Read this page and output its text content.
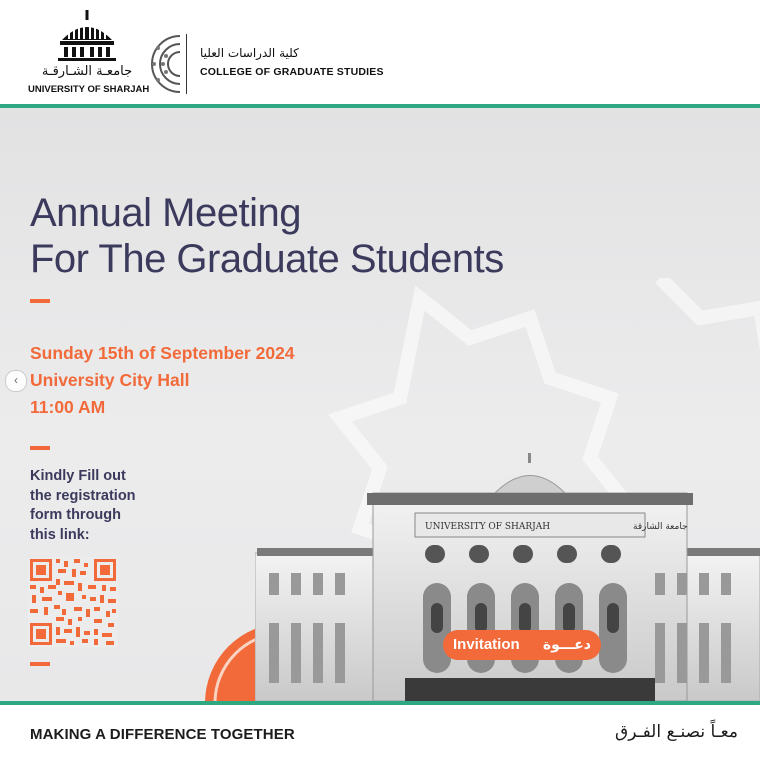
جامعـة الشـارقـة
UNIVERSITY OF SHARJAH
كلية الدراسات العليا
COLLEGE OF GRADUATE STUDIES
Annual Meeting
For The Graduate Students
Sunday 15th of September 2024
University City Hall
11:00 AM
Kindly Fill out
the registration
form through
this link:	UNIVERSITY OF SHARJAH	جامعة الشارقة
Invitation دعـــوة
‹
MAKING A DIFFERENCE TOGETHER	معـاً نصنـع الفـرق
